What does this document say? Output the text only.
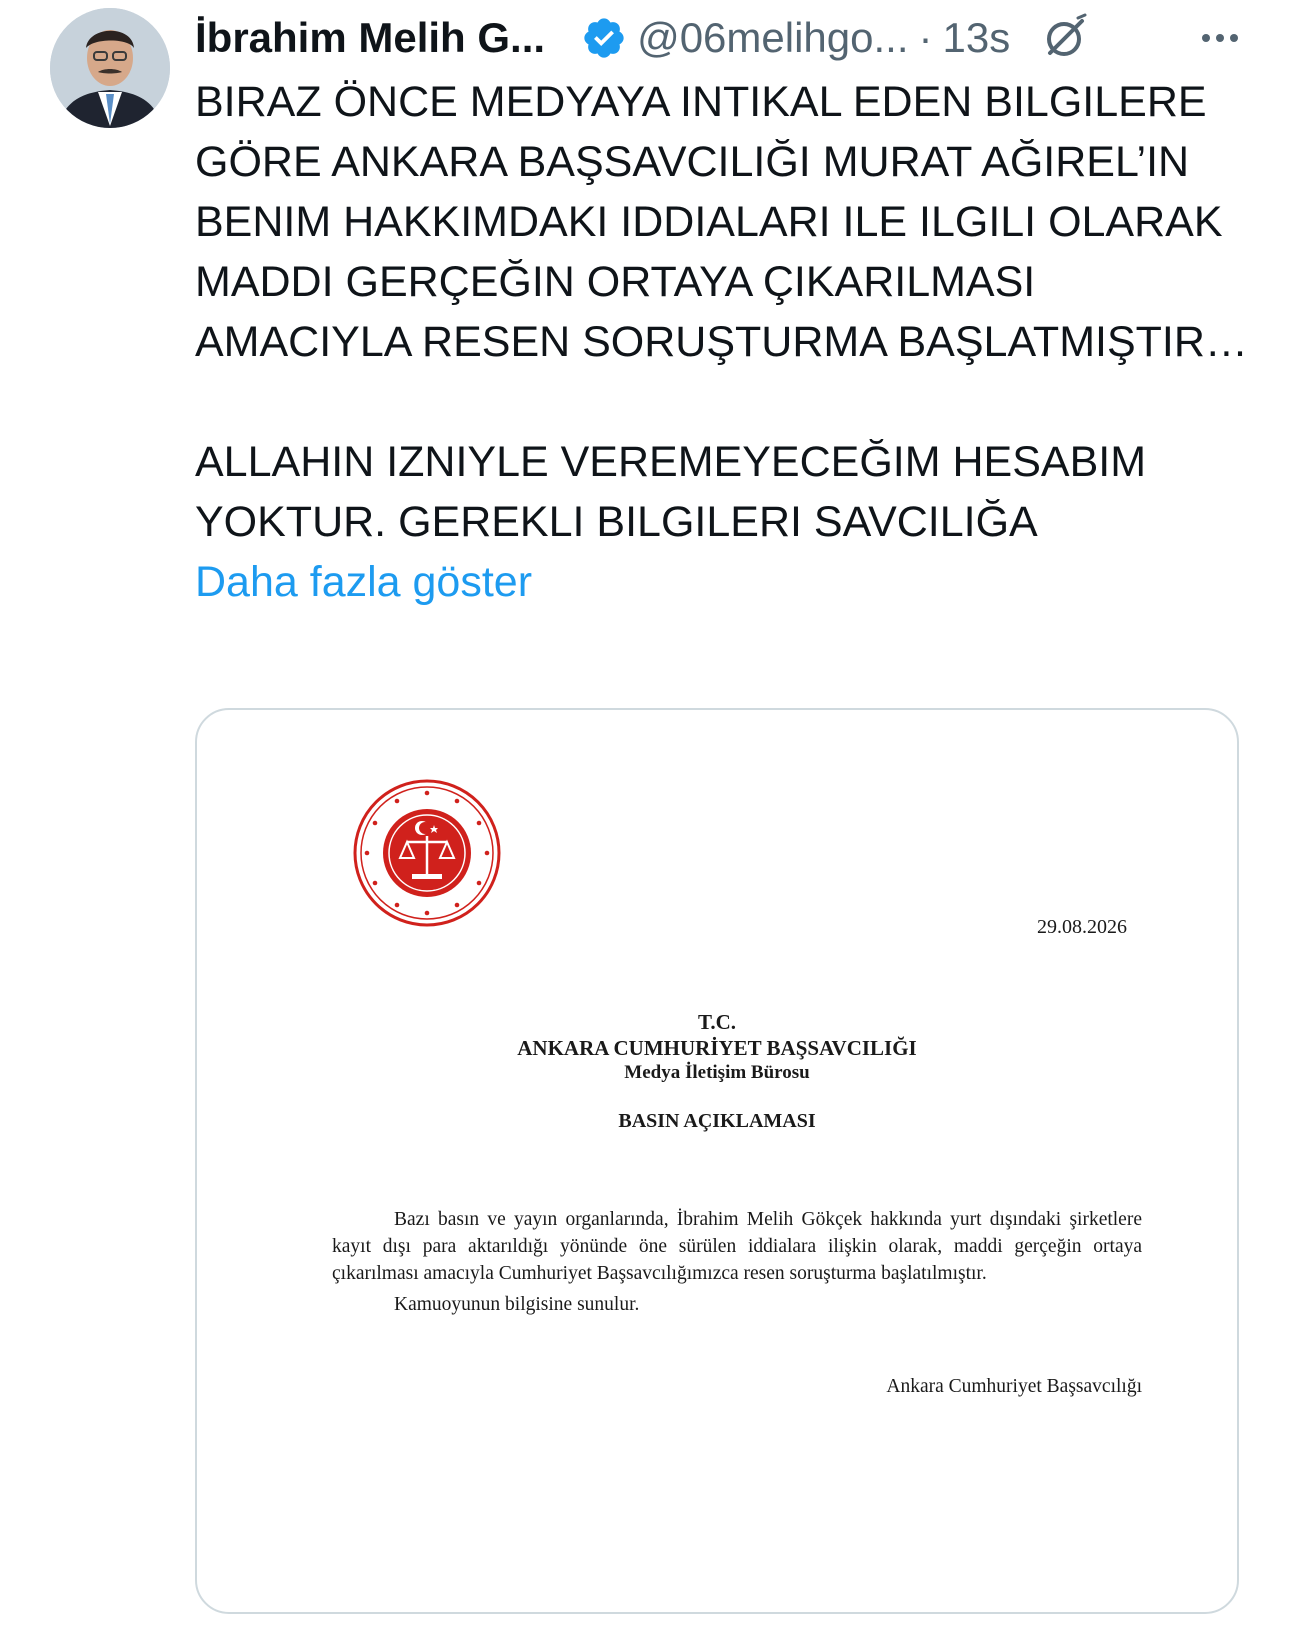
İbrahim Melih G... @06melihgo... · 13s

BIRAZ ÖNCE MEDYAYA INTIKAL EDEN BILGILERE GÖRE ANKARA BAŞSAVCILIĞI MURAT AĞIREL’IN BENIM HAKKIMDAKI IDDIALARI ILE ILGILI OLARAK MADDI GERÇEĞIN ORTAYA ÇIKARILMASI AMACIYLA RESEN SORUŞTURMA BAŞLATMIŞTIR…

ALLAHIN IZNIYLE VEREMEYECEĞIM HESABIM YOKTUR. GEREKLI BILGILERI SAVCILIĞA

Daha fazla göster
29.08.2026
T.C.
ANKARA CUMHURİYET BAŞSAVCILIĞI
Medya İletişim Bürosu
BASIN AÇIKLAMASI
Bazı basın ve yayın organlarında, İbrahim Melih Gökçek hakkında yurt dışındaki şirketlere kayıt dışı para aktarıldığı yönünde öne sürülen iddialara ilişkin olarak, maddi gerçeğin ortaya çıkarılması amacıyla Cumhuriyet Başsavcılığımızca resen soruşturma başlatılmıştır.
Kamuoyunun bilgisine sunulur.
Ankara Cumhuriyet Başsavcılığı
